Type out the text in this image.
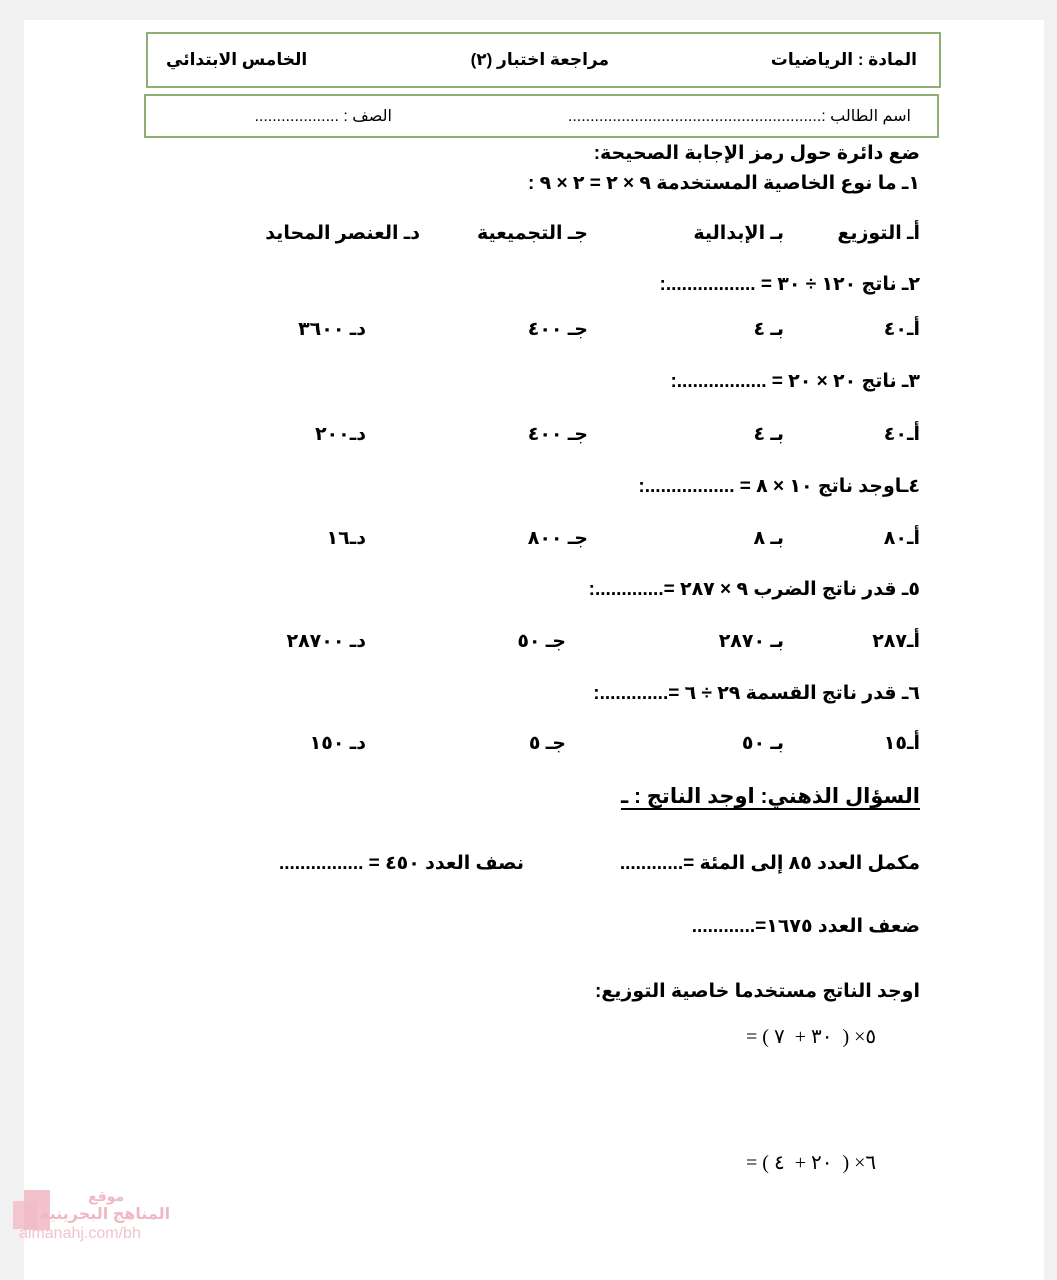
المادة : الرياضيات
مراجعة اختبار (٢)
الخامس الابتدائي
اسم الطالب :.........................................................
الصف : ...................
ضع دائرة حول رمز الإجابة الصحيحة:
١ـ ما نوع الخاصية المستخدمة ٩ × ٢ = ٢ × ٩ :
أـ التوزيع
بـ الإبدالية
جـ التجميعية
دـ العنصر المحايد
٢ـ ناتج ١٢٠ ÷ ٣٠ = .................:
أـ٤٠
بـ ٤
جـ ٤٠٠
دـ ٣٦٠٠
٣ـ ناتج ٢٠ × ٢٠ = .................:
أـ٤٠
بـ ٤
جـ ٤٠٠
دـ٢٠٠
٤ـاوجد ناتج ١٠ × ٨ = .................:
أـ٨٠
بـ ٨
جـ ٨٠٠
دـ١٦
٥ـ قدر ناتج الضرب ٩ × ٢٨٧ =.............:
أـ٢٨٧
بـ ٢٨٧٠
جـ ٥٠
دـ ٢٨٧٠٠
٦ـ قدر ناتج القسمة ٢٩ ÷ ٦ =.............:
أـ١٥
بـ ٥٠
جـ ٥
دـ ١٥٠
السؤال الذهني: اوجد الناتج : ـ
مكمل العدد ٨٥ إلى المئة =............
نصف العدد ٤٥٠ = ................
ضعف العدد ١٦٧٥=............
اوجد الناتج مستخدما خاصية التوزيع:
= ( ٣٠ +  ٧  ) ×٥
= ( ٢٠ +  ٤  ) ×٦
موقع
المناهج البحرينية
almanahj.com/bh
